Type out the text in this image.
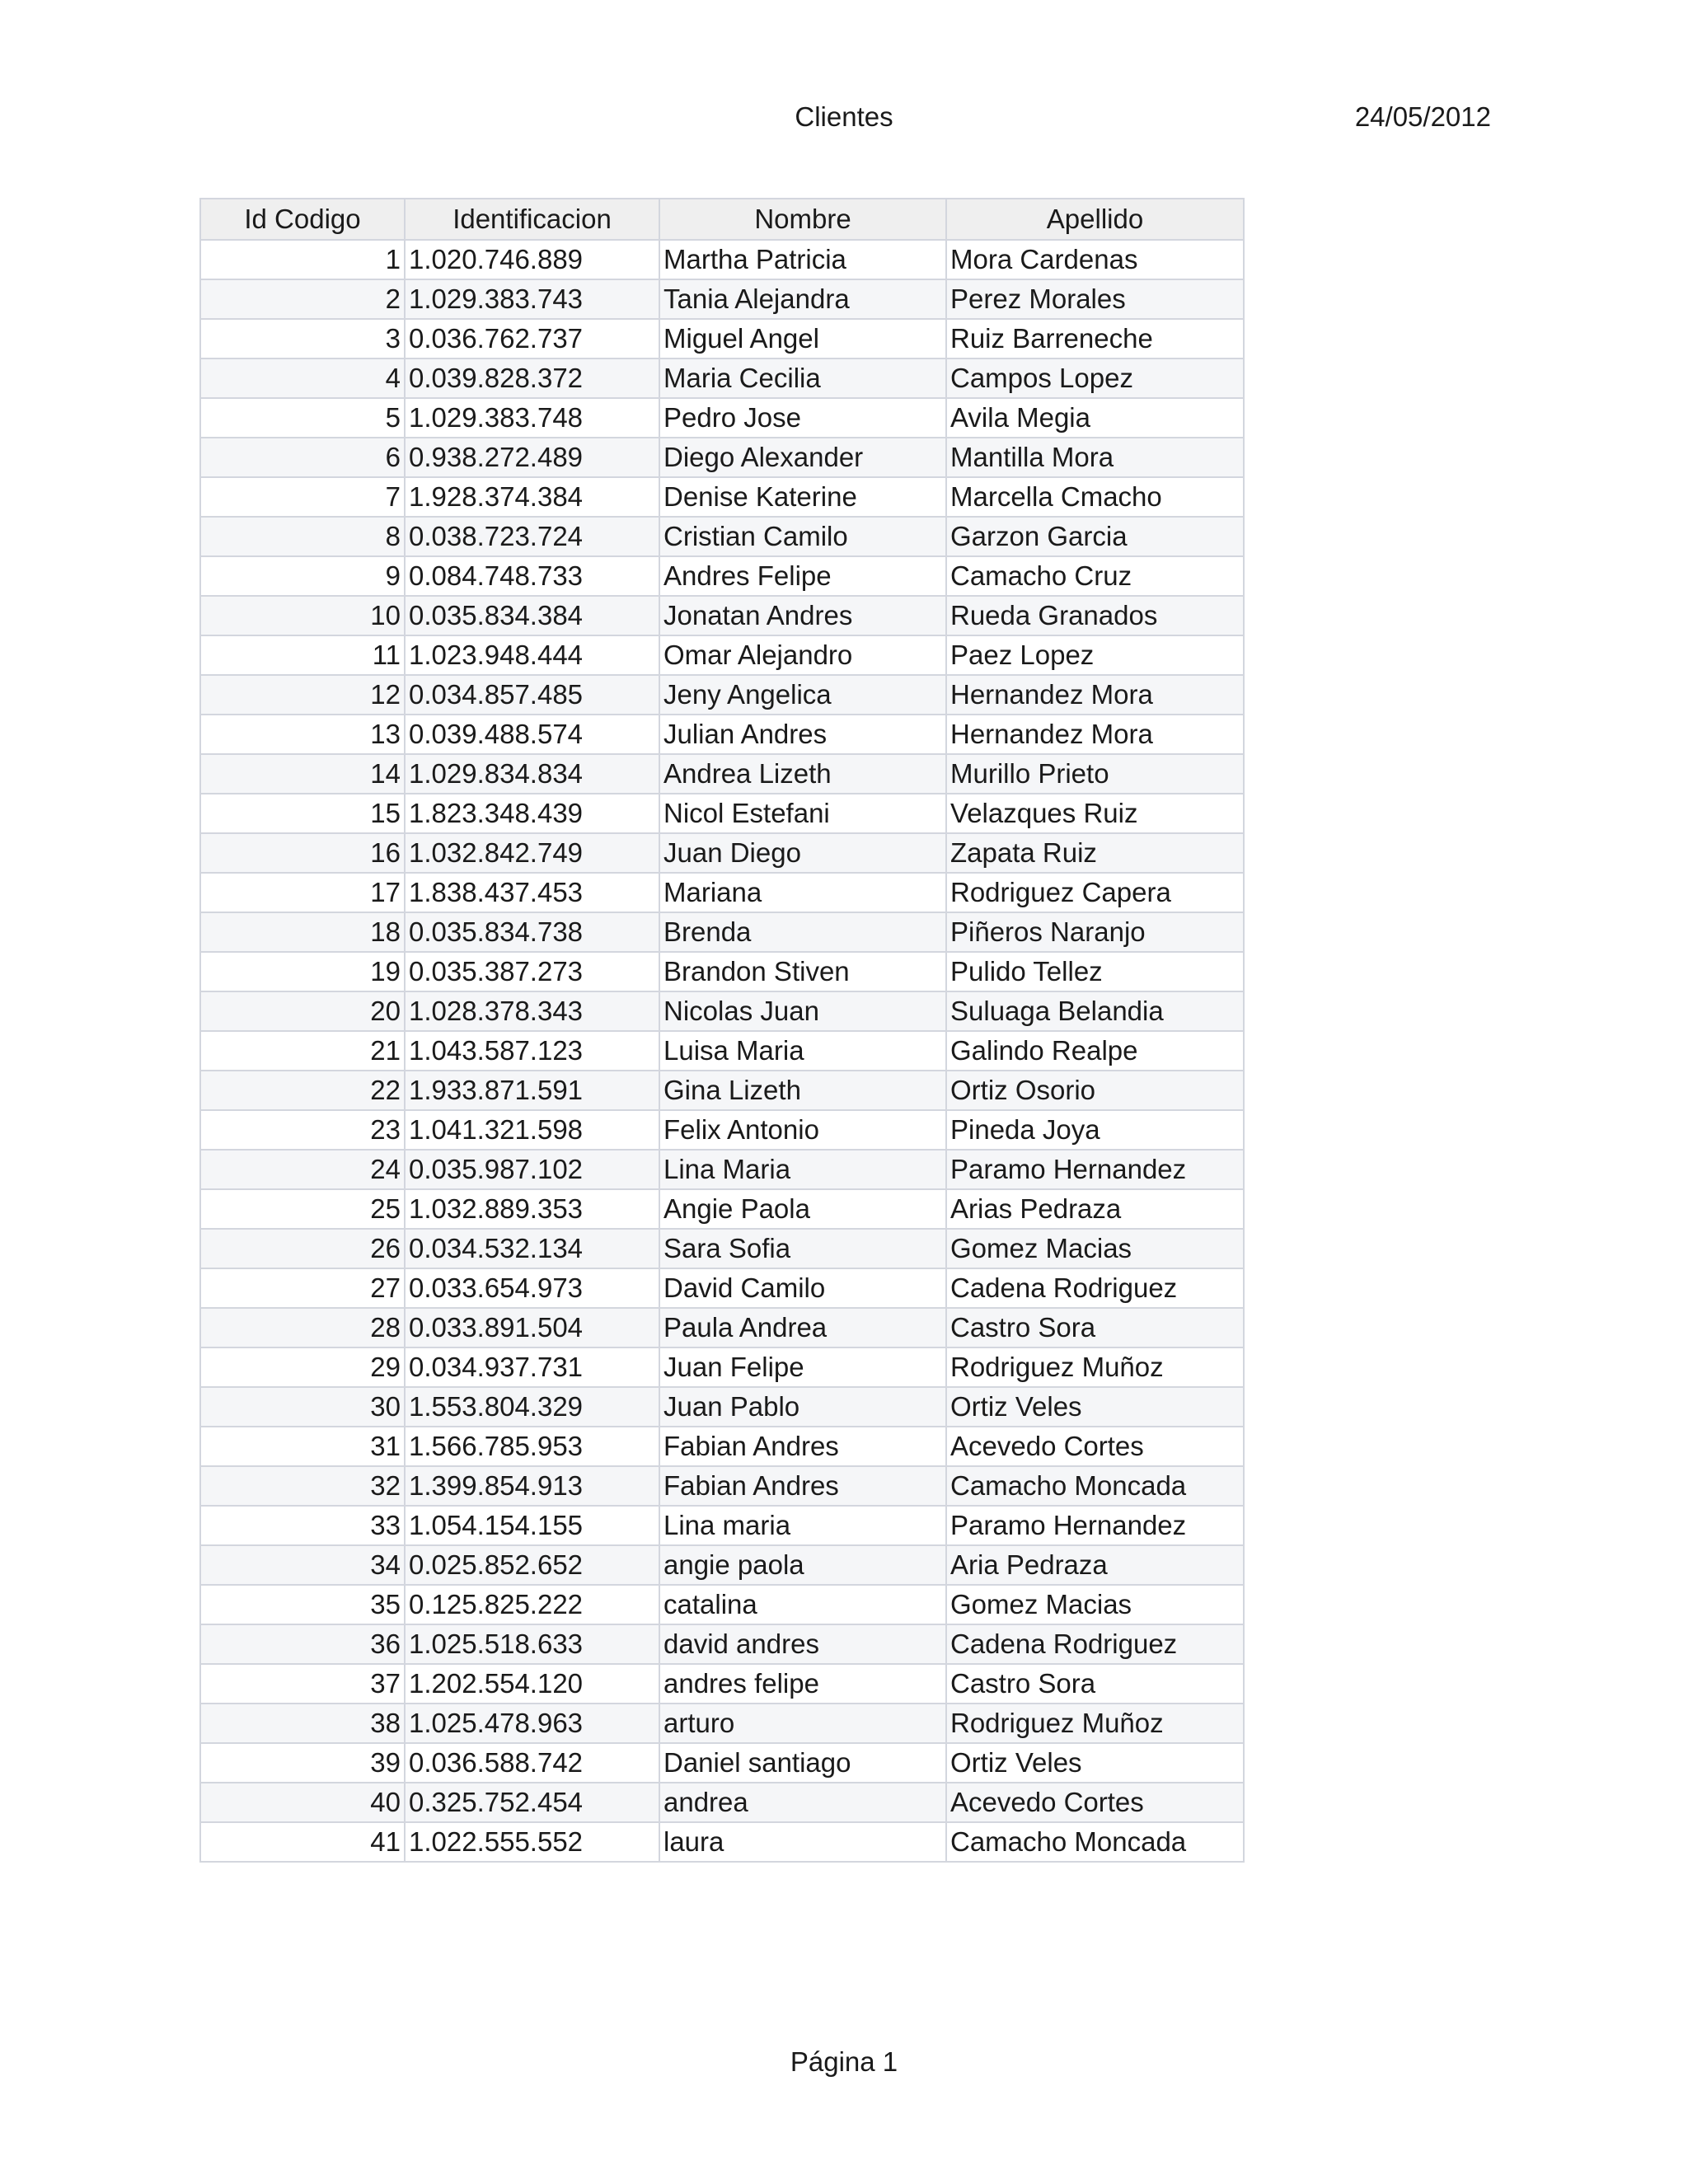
Clientes	24/05/2012
Id Codigo	Identificacion	Nombre	Apellido
1	1.020.746.889	Martha Patricia	Mora Cardenas
2	1.029.383.743	Tania Alejandra	Perez Morales
3	0.036.762.737	Miguel Angel	Ruiz Barreneche
4	0.039.828.372	Maria Cecilia	Campos Lopez
5	1.029.383.748	Pedro Jose	Avila Megia
6	0.938.272.489	Diego Alexander	Mantilla Mora
7	1.928.374.384	Denise Katerine	Marcella Cmacho
8	0.038.723.724	Cristian Camilo	Garzon Garcia
9	0.084.748.733	Andres Felipe	Camacho Cruz
10	0.035.834.384	Jonatan Andres	Rueda Granados
11	1.023.948.444	Omar Alejandro	Paez Lopez
12	0.034.857.485	Jeny Angelica	Hernandez Mora
13	0.039.488.574	Julian Andres	Hernandez Mora
14	1.029.834.834	Andrea Lizeth	Murillo Prieto
15	1.823.348.439	Nicol Estefani	Velazques Ruiz
16	1.032.842.749	Juan Diego	Zapata Ruiz
17	1.838.437.453	Mariana	Rodriguez Capera
18	0.035.834.738	Brenda	Piñeros Naranjo
19	0.035.387.273	Brandon Stiven	Pulido Tellez
20	1.028.378.343	Nicolas Juan	Suluaga Belandia
21	1.043.587.123	Luisa Maria	Galindo Realpe
22	1.933.871.591	Gina Lizeth	Ortiz Osorio
23	1.041.321.598	Felix Antonio	Pineda Joya
24	0.035.987.102	Lina Maria	Paramo Hernandez
25	1.032.889.353	Angie Paola	Arias Pedraza
26	0.034.532.134	Sara Sofia	Gomez Macias
27	0.033.654.973	David Camilo	Cadena Rodriguez
28	0.033.891.504	Paula Andrea	Castro Sora
29	0.034.937.731	Juan Felipe	Rodriguez Muñoz
30	1.553.804.329	Juan Pablo	Ortiz Veles
31	1.566.785.953	Fabian Andres	Acevedo Cortes
32	1.399.854.913	Fabian Andres	Camacho Moncada
33	1.054.154.155	Lina maria	Paramo Hernandez
34	0.025.852.652	angie paola	Aria Pedraza
35	0.125.825.222	catalina	Gomez Macias
36	1.025.518.633	david andres	Cadena Rodriguez
37	1.202.554.120	andres felipe	Castro Sora
38	1.025.478.963	arturo	Rodriguez Muñoz
39	0.036.588.742	Daniel santiago	Ortiz Veles
40	0.325.752.454	andrea	Acevedo Cortes
41	1.022.555.552	laura	Camacho Moncada
Página 1
